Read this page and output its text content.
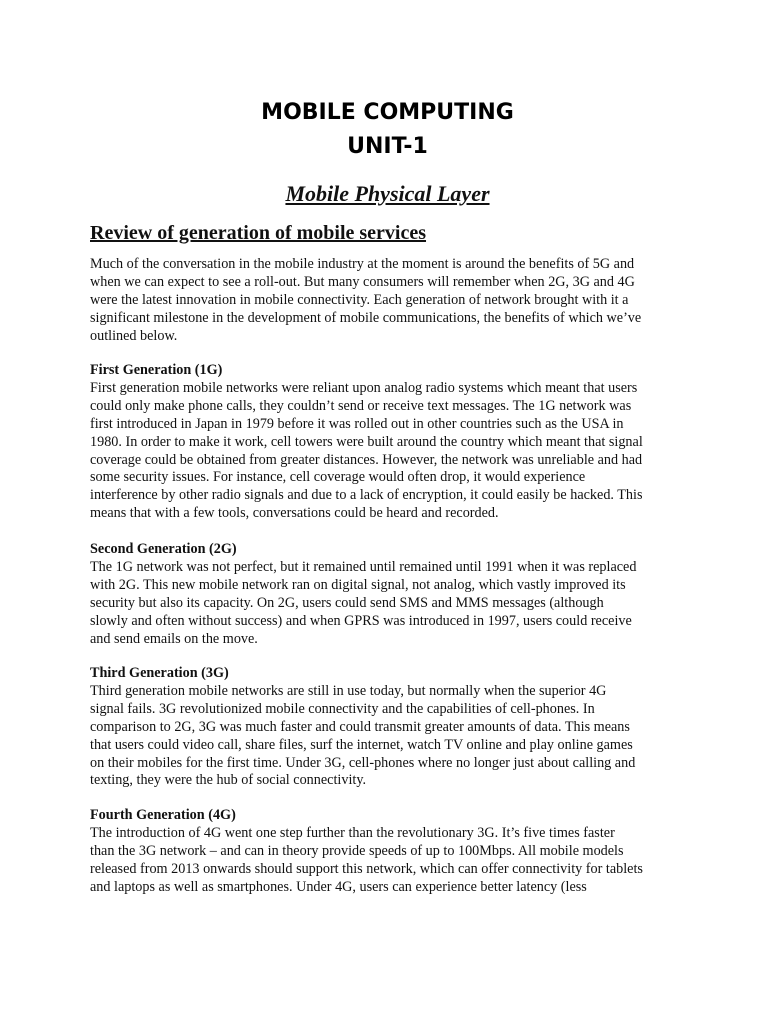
MOBILE COMPUTING
UNIT-1
Mobile Physical Layer
Review of generation of mobile services

Much of the conversation in the mobile industry at the moment is around the benefits of 5G and
when we can expect to see a roll-out. But many consumers will remember when 2G, 3G and 4G
were the latest innovation in mobile connectivity. Each generation of network brought with it a
significant milestone in the development of mobile communications, the benefits of which we’ve
outlined below.

First Generation (1G)
First generation mobile networks were reliant upon analog radio systems which meant that users
could only make phone calls, they couldn’t send or receive text messages. The 1G network was
first introduced in Japan in 1979 before it was rolled out in other countries such as the USA in
1980. In order to make it work, cell towers were built around the country which meant that signal
coverage could be obtained from greater distances. However, the network was unreliable and had
some security issues. For instance, cell coverage would often drop, it would experience
interference by other radio signals and due to a lack of encryption, it could easily be hacked. This
means that with a few tools, conversations could be heard and recorded.
Second Generation (2G)
The 1G network was not perfect, but it remained until remained until 1991 when it was replaced
with 2G. This new mobile network ran on digital signal, not analog, which vastly improved its
security but also its capacity. On 2G, users could send SMS and MMS messages (although
slowly and often without success) and when GPRS was introduced in 1997, users could receive
and send emails on the move.
Third Generation (3G)
Third generation mobile networks are still in use today, but normally when the superior 4G
signal fails. 3G revolutionized mobile connectivity and the capabilities of cell-phones. In
comparison to 2G, 3G was much faster and could transmit greater amounts of data. This means
that users could video call, share files, surf the internet, watch TV online and play online games
on their mobiles for the first time. Under 3G, cell-phones where no longer just about calling and
texting, they were the hub of social connectivity.
Fourth Generation (4G)
The introduction of 4G went one step further than the revolutionary 3G. It’s five times faster
than the 3G network – and can in theory provide speeds of up to 100Mbps. All mobile models
released from 2013 onwards should support this network, which can offer connectivity for tablets
and laptops as well as smartphones. Under 4G, users can experience better latency (less
